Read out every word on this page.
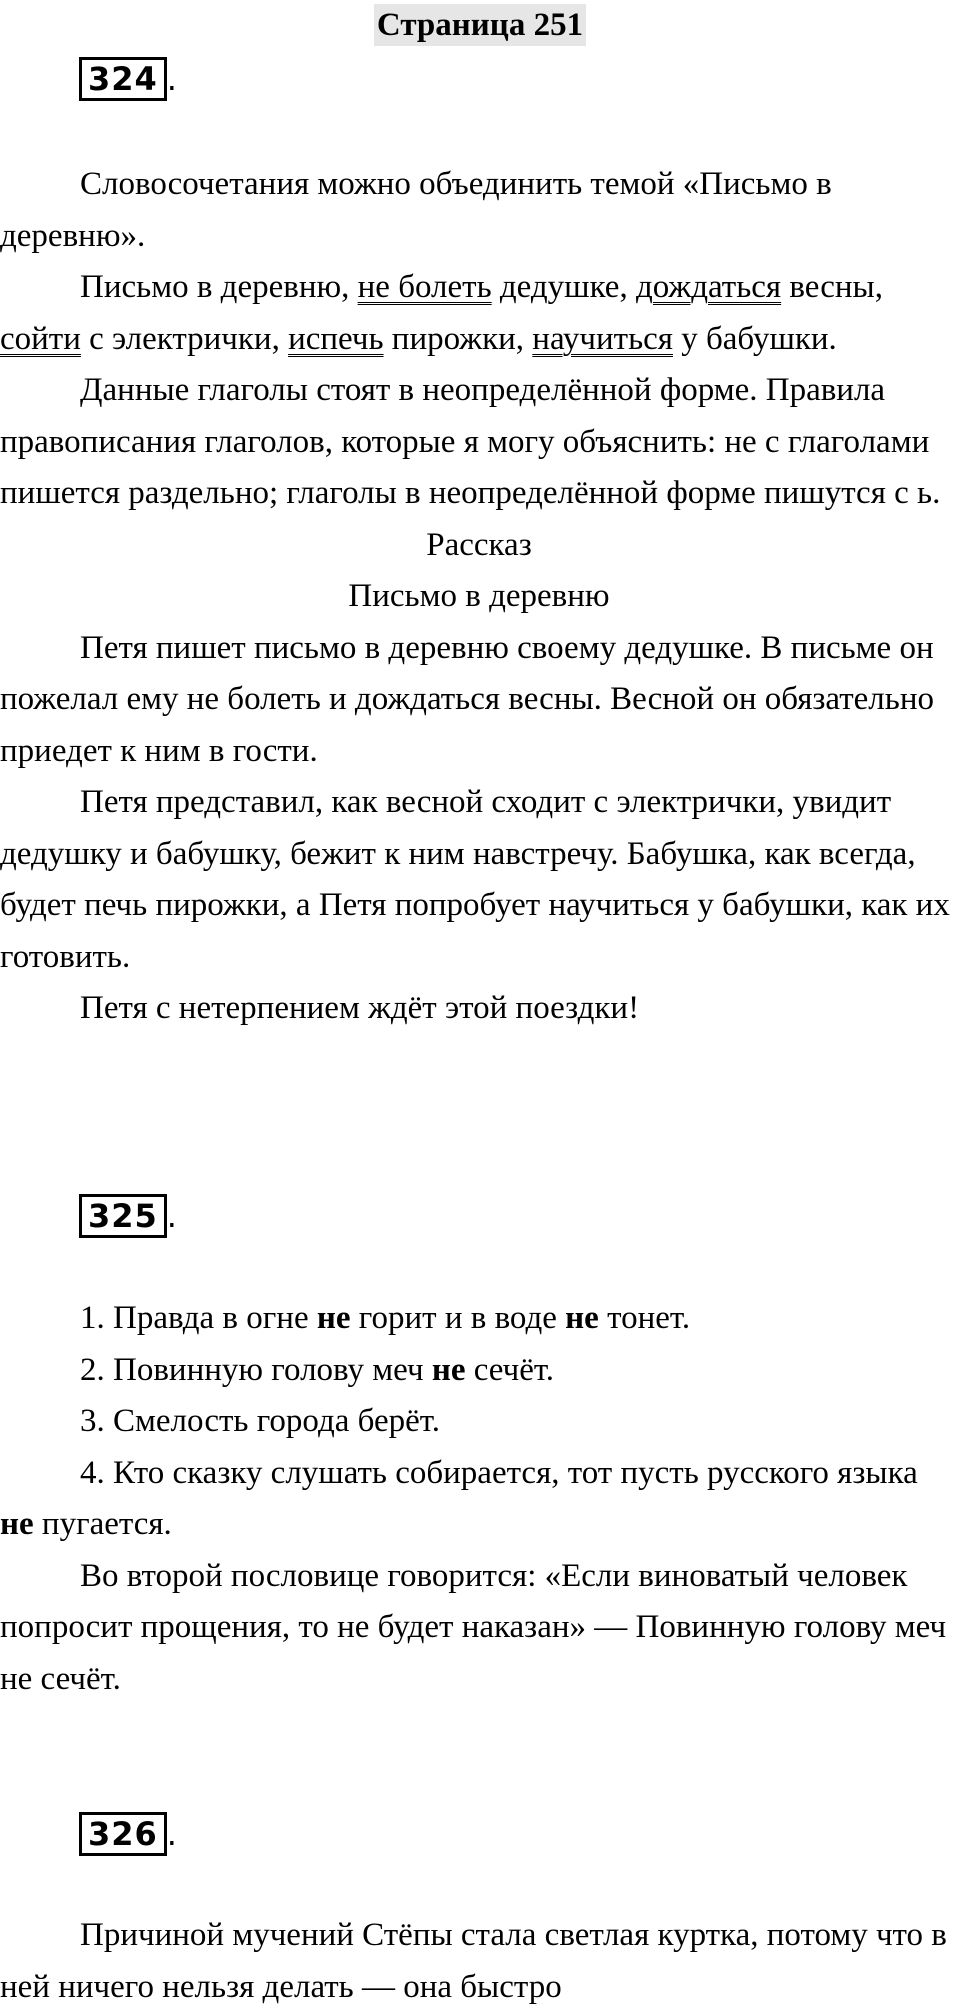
Страница 251
324 .

Словосочетания можно объединить темой «Письмо в деревню».

Письмо в деревню, не болеть дедушке, дождаться весны, сойти с электрички, испечь пирожки, научиться у бабушки.

Данные глаголы стоят в неопределённой форме. Правила правописания глаголов, которые я могу объяснить: не с глаголами пишется раздельно; глаголы в неопределённой форме пишутся с ь.

Рассказ

Письмо в деревню

Петя пишет письмо в деревню своему дедушке. В письме он пожелал ему не болеть и дождаться весны. Весной он обязательно приедет к ним в гости.

Петя представил, как весной сходит с электрички, увидит дедушку и бабушку, бежит к ним навстречу. Бабушка, как всегда, будет печь пирожки, а Петя попробует научиться у бабушки, как их готовить.

Петя с нетерпением ждёт этой поездки!

325 .

1. Правда в огне не горит и в воде не тонет.

2. Повинную голову меч не сечёт.

3. Смелость города берёт.

4. Кто сказку слушать собирается, тот пусть русского языка не пугается.

Во второй пословице говорится: «Если виноватый человек попросит прощения, то не будет наказан» — Повинную голову меч не сечёт.

326 .

Причиной мучений Стёпы стала светлая куртка, потому что в ней ничего нельзя делать — она быстро
